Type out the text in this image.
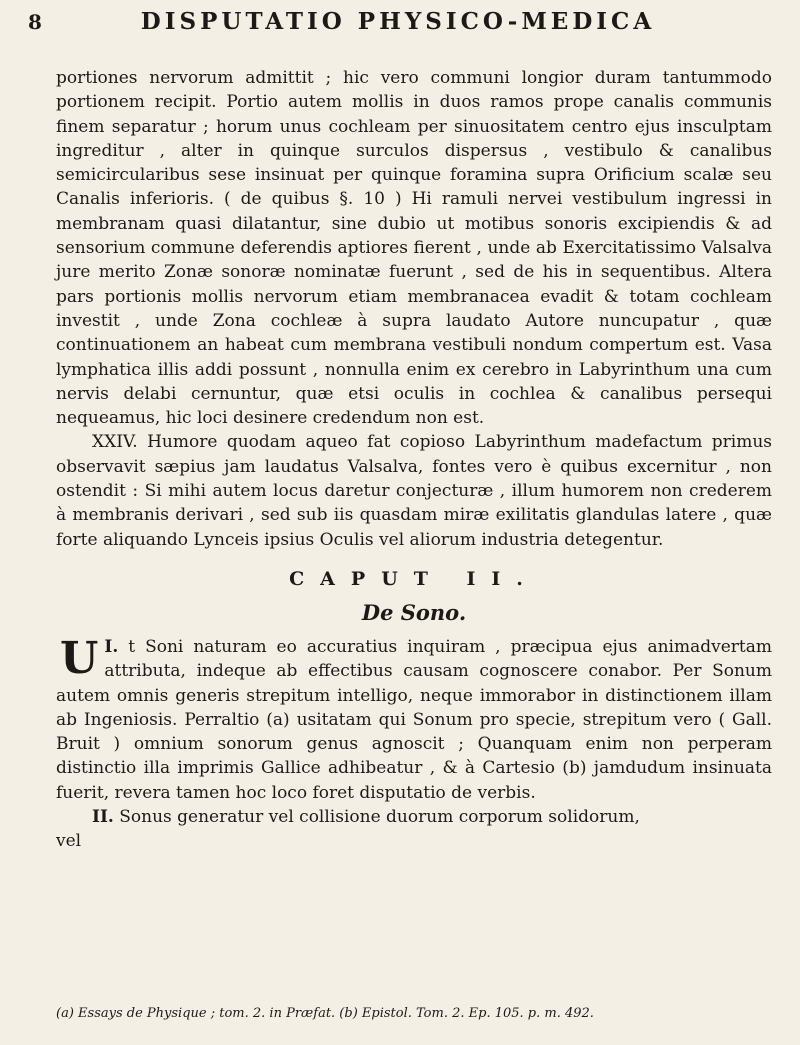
8	DISPUTATIO PHYSICO-MEDICA

portiones nervorum admittit ; hic vero communi longior duram tantummodo portionem recipit. Portio autem mollis in duos ramos prope canalis communis finem separatur ; horum unus cochleam per sinuositatem centro ejus insculptam ingreditur , alter in quinque surculos dispersus , vestibulo & canalibus semicircularibus sese insinuat per quinque foramina supra Orificium scalæ seu Canalis inferioris. ( de quibus §. 10 ) Hi ramuli nervei vestibulum ingressi in membranam quasi dilatantur, sine dubio ut motibus sonoris excipiendis & ad sensorium commune deferendis aptiores fierent , unde ab Exercitatissimo Valsalva jure merito Zonæ sonoræ nominatæ fuerunt , sed de his in sequentibus. Altera pars portionis mollis nervorum etiam membranacea evadit & totam cochleam investit , unde Zona cochleæ à supra laudato Autore nuncupatur , quæ continuationem an habeat cum membrana vestibuli nondum compertum est. Vasa lymphatica illis addi possunt , nonnulla enim ex cerebro in Labyrinthum una cum nervis delabi cernuntur, quæ etsi oculis in cochlea & canalibus persequi nequeamus, hic loci desinere credendum non est.

XXIV. Humore quodam aqueo fat copioso Labyrinthum madefactum primus observavit sæpius jam laudatus Valsalva, fontes vero è quibus excernitur , non ostendit : Si mihi autem locus daretur conjecturæ , illum humorem non crederem à membranis derivari , sed sub iis quasdam miræ exilitatis glandulas latere , quæ forte aliquando Lynceis ipsius Oculis vel aliorum industria detegentur.

CAPUT II.
De Sono.

I.
U t Soni naturam eo accuratius inquiram , præcipua ejus animadvertam attributa, indeque ab effectibus causam cognoscere conabor. Per Sonum autem omnis generis strepitum intelligo, neque immorabor in distinctionem illam ab Ingeniosis. Perraltio (a) usitatam qui Sonum pro specie, strepitum vero ( Gall. Bruit ) omnium sonorum genus agnoscit ; Quanquam enim non perperam distinctio illa imprimis Gallice adhibeatur , & à Cartesio (b) jamdudum insinuata fuerit, revera tamen hoc loco foret disputatio de verbis.

II. Sonus generatur vel collisione duorum corporum solidorum,

vel

(a) Essays de Physique ; tom. 2. in Præfat. (b) Epistol. Tom. 2. Ep. 105. p. m. 492.
